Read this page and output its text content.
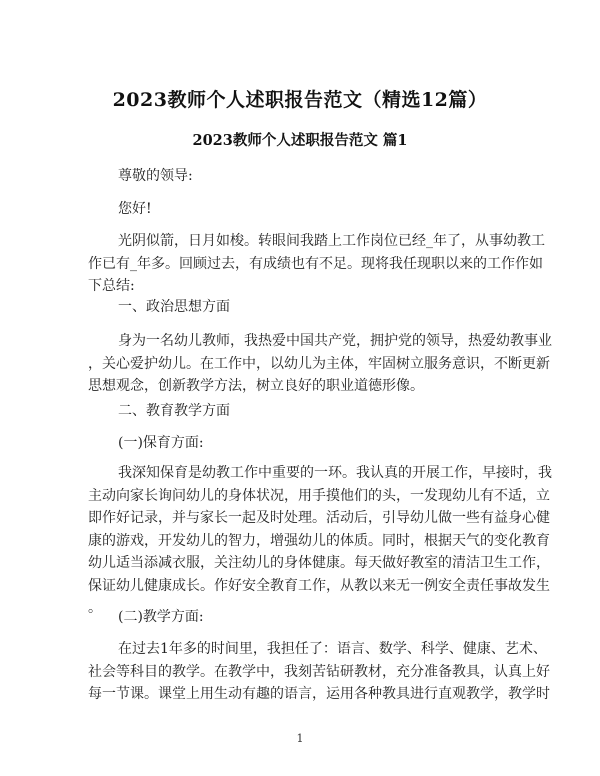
2023教师个人述职报告范文（精选12篇）
2023教师个人述职报告范文 篇1

尊敬的领导:

您好!

光阴似箭，日月如梭。转眼间我踏上工作岗位已经_年了，从事幼教工
作已有_年多。回顾过去，有成绩也有不足。现将我任现职以来的工作作如
下总结:

一、政治思想方面

身为一名幼儿教师，我热爱中国共产党，拥护党的领导，热爱幼教事业
，关心爱护幼儿。在工作中，以幼儿为主体，牢固树立服务意识，不断更新
思想观念，创新教学方法，树立良好的职业道德形像。

二、教育教学方面

(一)保育方面:

我深知保育是幼教工作中重要的一环。我认真的开展工作，早接时，我
主动向家长询问幼儿的身体状况，用手摸他们的头，一发现幼儿有不适，立
即作好记录，并与家长一起及时处理。活动后，引导幼儿做一些有益身心健
康的游戏，开发幼儿的智力，增强幼儿的体质。同时，根据天气的变化教育
幼儿适当添减衣服，关注幼儿的身体健康。每天做好教室的清洁卫生工作，
保证幼儿健康成长。作好安全教育工作，从教以来无一例安全责任事故发生
。

(二)教学方面:

在过去1年多的时间里，我担任了：语言、数学、科学、健康、艺术、
社会等科目的教学。在教学中，我刻苦钻研教材，充分准备教具，认真上好
每一节课。课堂上用生动有趣的语言，运用各种教具进行直观教学，教学时
1
